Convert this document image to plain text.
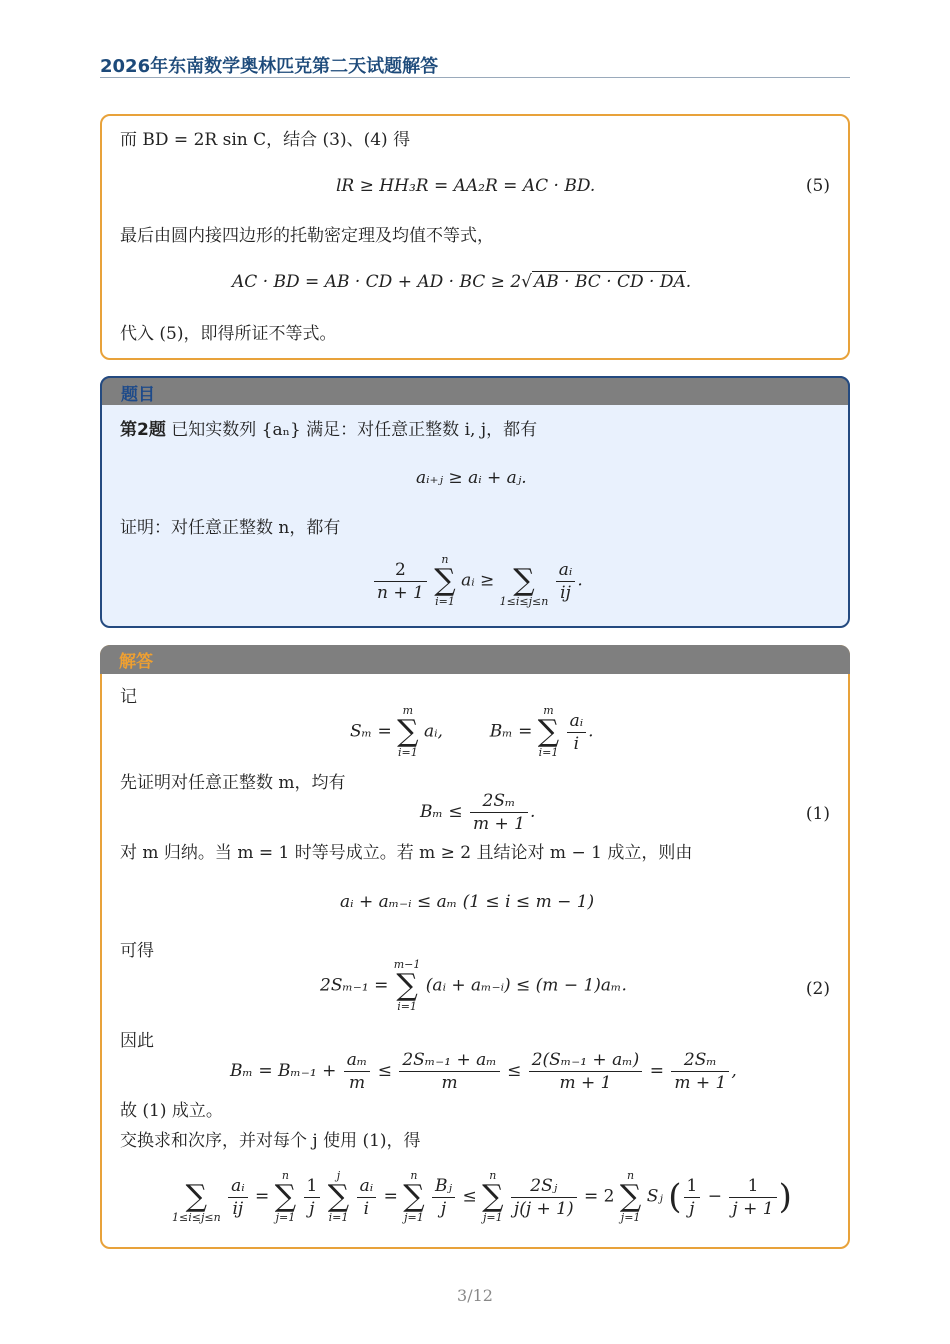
2026年东南数学奥林匹克第二天试题解答
而 BD = 2R sin C，结合 (3)、(4) 得
lR ≥ HH₃R = AA₂R = AC · BD.	(5)
最后由圆内接四边形的托勒密定理及均值不等式，
AC · BD = AB · CD + AD · BC ≥ 2√ AB · BC · CD · DA.
代入 (5)，即得所证不等式。
题目
第2题 已知实数列 {aₙ} 满足：对任意正整数 i, j，都有
aᵢ₊ⱼ ≥ aᵢ + aⱼ.
证明：对任意正整数 n，都有
$\frac{2}{n + 1}$
	n
∑
i=1
aᵢ ≥
∑
1≤i≤j≤n
$\frac{\text{aᵢ}}{ij}$ .
解答
记
Sₘ =
m
∑
i=1
aᵢ,	Bₘ =
m
∑
i=1
$\frac{\text{aᵢ}}{i}$ .
先证明对任意正整数 m，均有
$B_m \le \frac{\text{2Sₘ}}{m + 1}$ .	(1)
对 m 归纳。当 m = 1 时等号成立。若 m ≥ 2 且结论对 m − 1 成立，则由
aᵢ + aₘ₋ᵢ ≤ aₘ (1 ≤ i ≤ m − 1)
可得
2Sₘ₋₁ =
m−1
∑
i=1
(aᵢ + aₘ₋ᵢ) ≤ (m − 1)aₘ.	(2)
因此
$B_m = B_{m-1} + \frac{\text{aₘ}}{m} \le \frac{\text{2Sₘ₋₁ + aₘ}}{m} \le \frac{\text{2(Sₘ₋₁ + aₘ)}}{m + 1} = \frac{\text{2Sₘ}}{m + 1}$ ,
故 (1) 成立。
交换求和次序，并对每个 j 使用 (1)，得

∑
1≤i≤j≤n
$\frac{\text{aᵢ}}{ij}$ =
n
∑
j=1
$\frac{1}{j}$
	j
∑
i=1
$\frac{\text{aᵢ}}{i}$ =
n
∑
j=1
$\frac{\text{Bⱼ}}{j}$ ≤
n
∑
j=1
$\frac{\text{2Sⱼ}}{j(j + 1)} = 2$
n
∑
j=1
Sⱼ ( $\frac{1}{j} - \frac{1}{j + 1}$ )
3/12
